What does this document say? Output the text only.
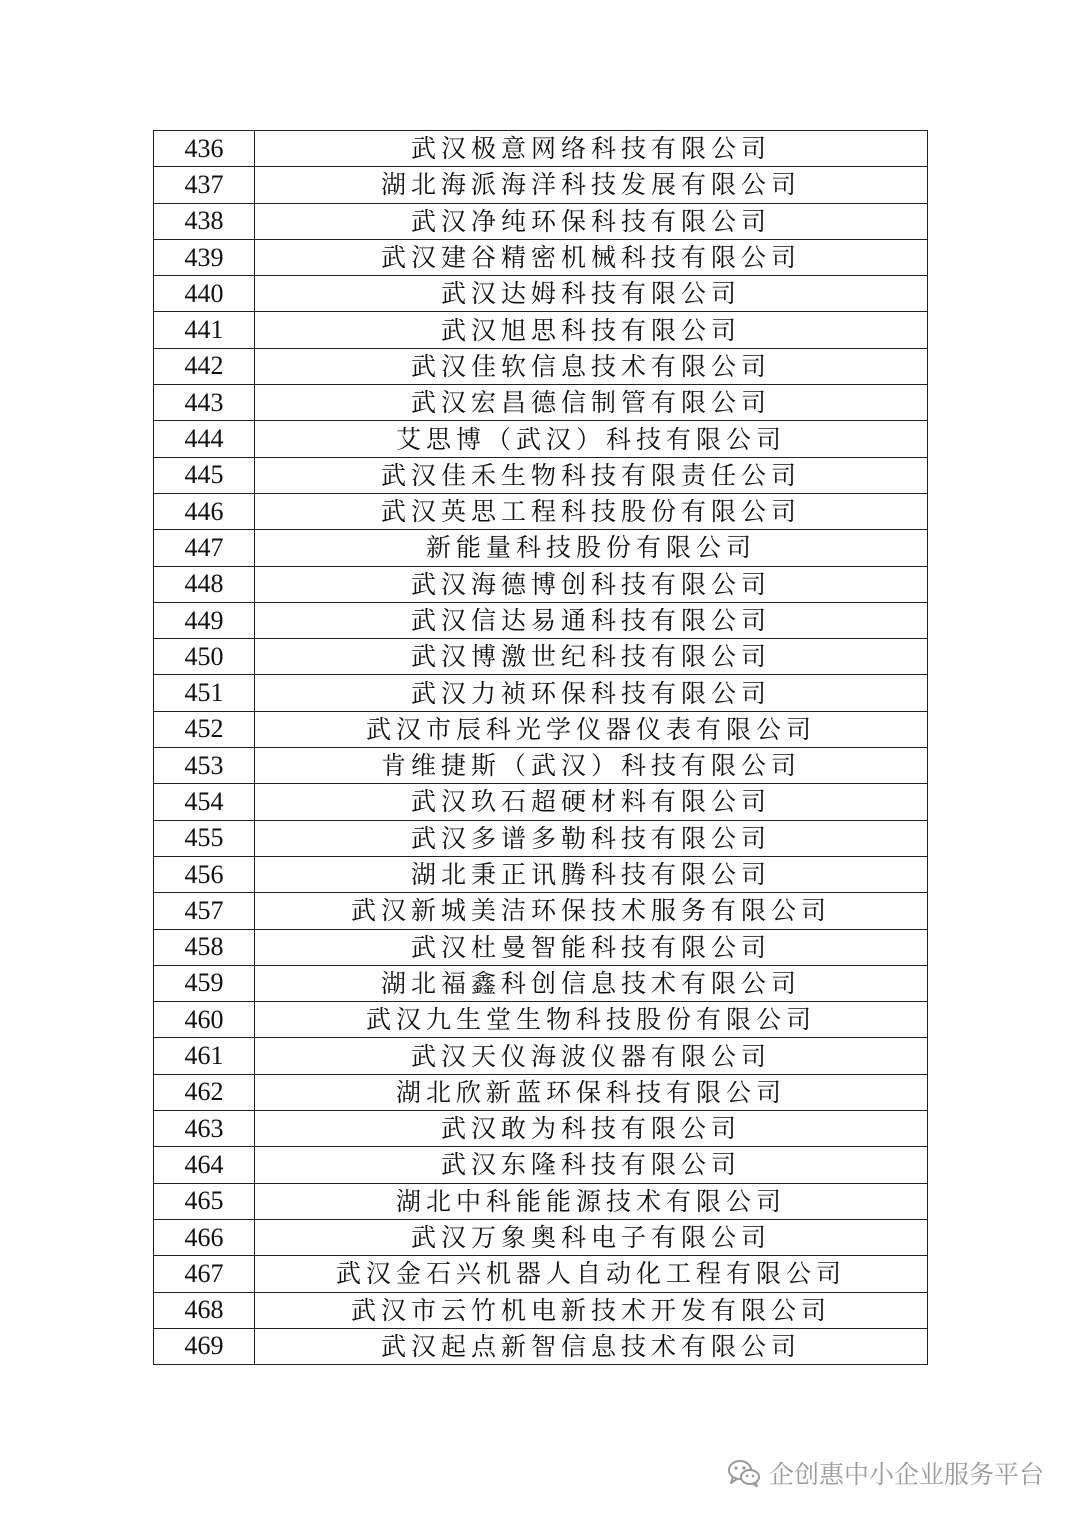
436	武汉极意网络科技有限公司
437	湖北海派海洋科技发展有限公司
438	武汉净纯环保科技有限公司
439	武汉建谷精密机械科技有限公司
440	武汉达姆科技有限公司
441	武汉旭思科技有限公司
442	武汉佳软信息技术有限公司
443	武汉宏昌德信制管有限公司
444	艾思博（武汉）科技有限公司
445	武汉佳禾生物科技有限责任公司
446	武汉英思工程科技股份有限公司
447	新能量科技股份有限公司
448	武汉海德博创科技有限公司
449	武汉信达易通科技有限公司
450	武汉博激世纪科技有限公司
451	武汉力祯环保科技有限公司
452	武汉市辰科光学仪器仪表有限公司
453	肯维捷斯（武汉）科技有限公司
454	武汉玖石超硬材料有限公司
455	武汉多谱多勒科技有限公司
456	湖北秉正讯腾科技有限公司
457	武汉新城美洁环保技术服务有限公司
458	武汉杜曼智能科技有限公司
459	湖北福鑫科创信息技术有限公司
460	武汉九生堂生物科技股份有限公司
461	武汉天仪海波仪器有限公司
462	湖北欣新蓝环保科技有限公司
463	武汉敢为科技有限公司
464	武汉东隆科技有限公司
465	湖北中科能能源技术有限公司
466	武汉万象奥科电子有限公司
467	武汉金石兴机器人自动化工程有限公司
468	武汉市云竹机电新技术开发有限公司
469	武汉起点新智信息技术有限公司
企创惠中小企业服务平台
